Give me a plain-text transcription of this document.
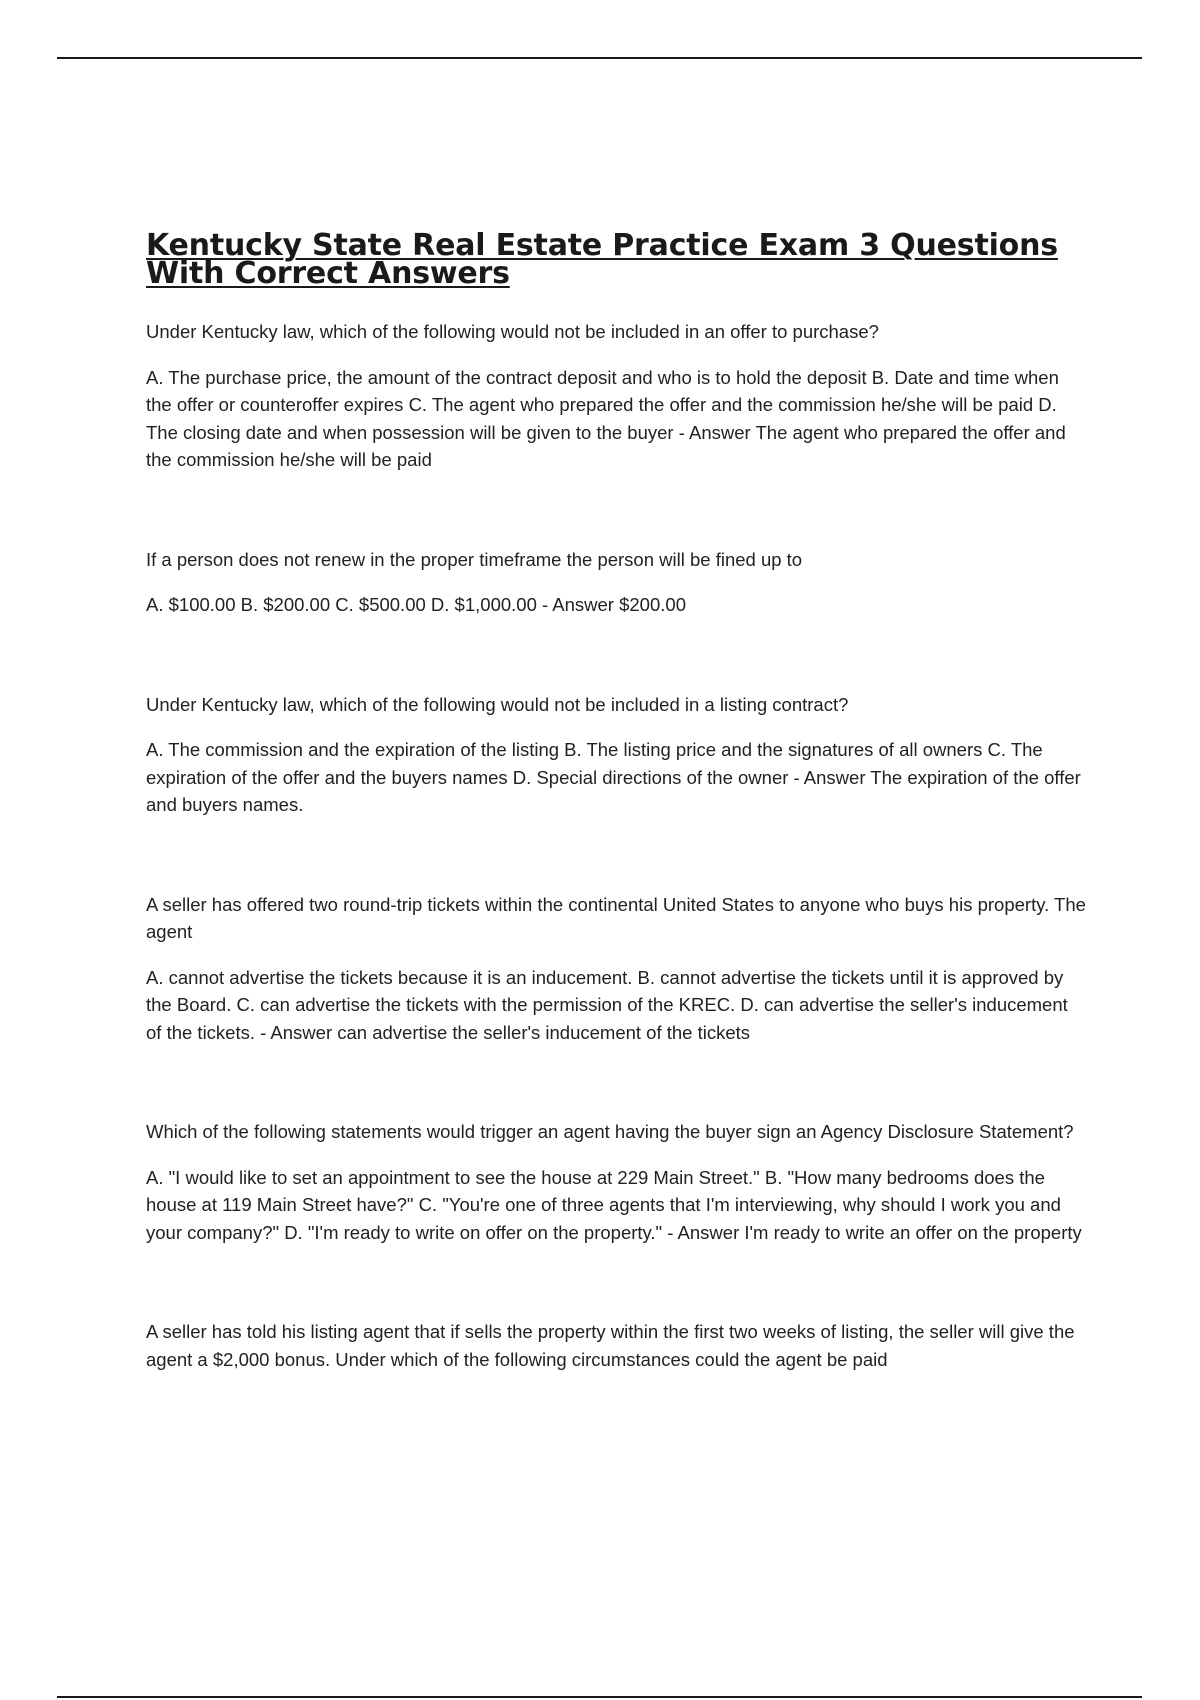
Kentucky State Real Estate Practice Exam 3 Questions With Correct Answers

Under Kentucky law, which of the following would not be included in an offer to purchase?

A. The purchase price, the amount of the contract deposit and who is to hold the deposit B. Date and time when the offer or counteroffer expires C. The agent who prepared the offer and the commission he/she will be paid D. The closing date and when possession will be given to the buyer - Answer The agent who prepared the offer and the commission he/she will be paid

If a person does not renew in the proper timeframe the person will be fined up to

A. $100.00 B. $200.00 C. $500.00 D. $1,000.00 - Answer $200.00

Under Kentucky law, which of the following would not be included in a listing contract?

A. The commission and the expiration of the listing B. The listing price and the signatures of all owners C. The expiration of the offer and the buyers names D. Special directions of the owner - Answer The expiration of the offer and buyers names.

A seller has offered two round-trip tickets within the continental United States to anyone who buys his property. The agent

A. cannot advertise the tickets because it is an inducement. B. cannot advertise the tickets until it is approved by the Board. C. can advertise the tickets with the permission of the KREC. D. can advertise the seller's inducement of the tickets. - Answer can advertise the seller's inducement of the tickets

Which of the following statements would trigger an agent having the buyer sign an Agency Disclosure Statement?

A. "I would like to set an appointment to see the house at 229 Main Street." B. "How many bedrooms does the house at 119 Main Street have?" C. "You're one of three agents that I'm interviewing, why should I work you and your company?" D. "I'm ready to write on offer on the property." - Answer I'm ready to write an offer on the property

A seller has told his listing agent that if sells the property within the first two weeks of listing, the seller will give the agent a $2,000 bonus. Under which of the following circumstances could the agent be paid
